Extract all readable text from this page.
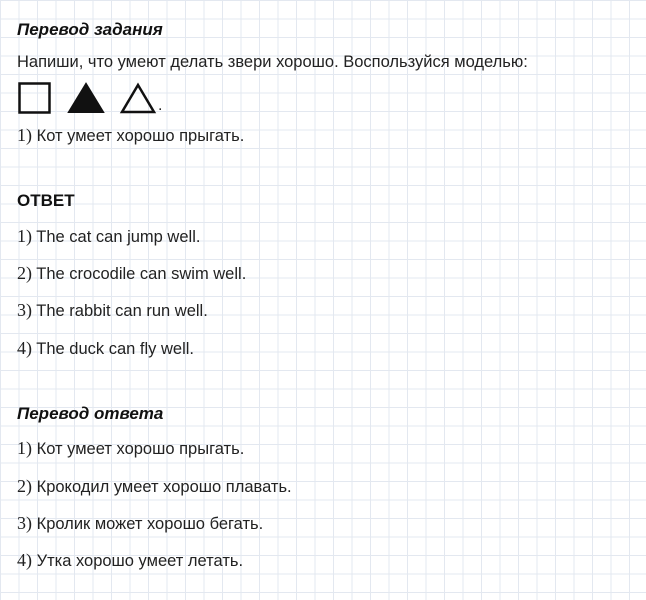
Перевод задания
Напиши, что умеют делать звери хорошо. Воспользуйся моделью:
.
1) Кот умеет хорошо прыгать.
ОТВЕТ
1) The cat can jump well.
2) The crocodile can swim well.
3) The rabbit can run well.
4) The duck can fly well.
Перевод ответа
1) Кот умеет хорошо прыгать.
2) Крокодил умеет хорошо плавать.
3) Кролик может хорошо бегать.
4) Утка хорошо умеет летать.
